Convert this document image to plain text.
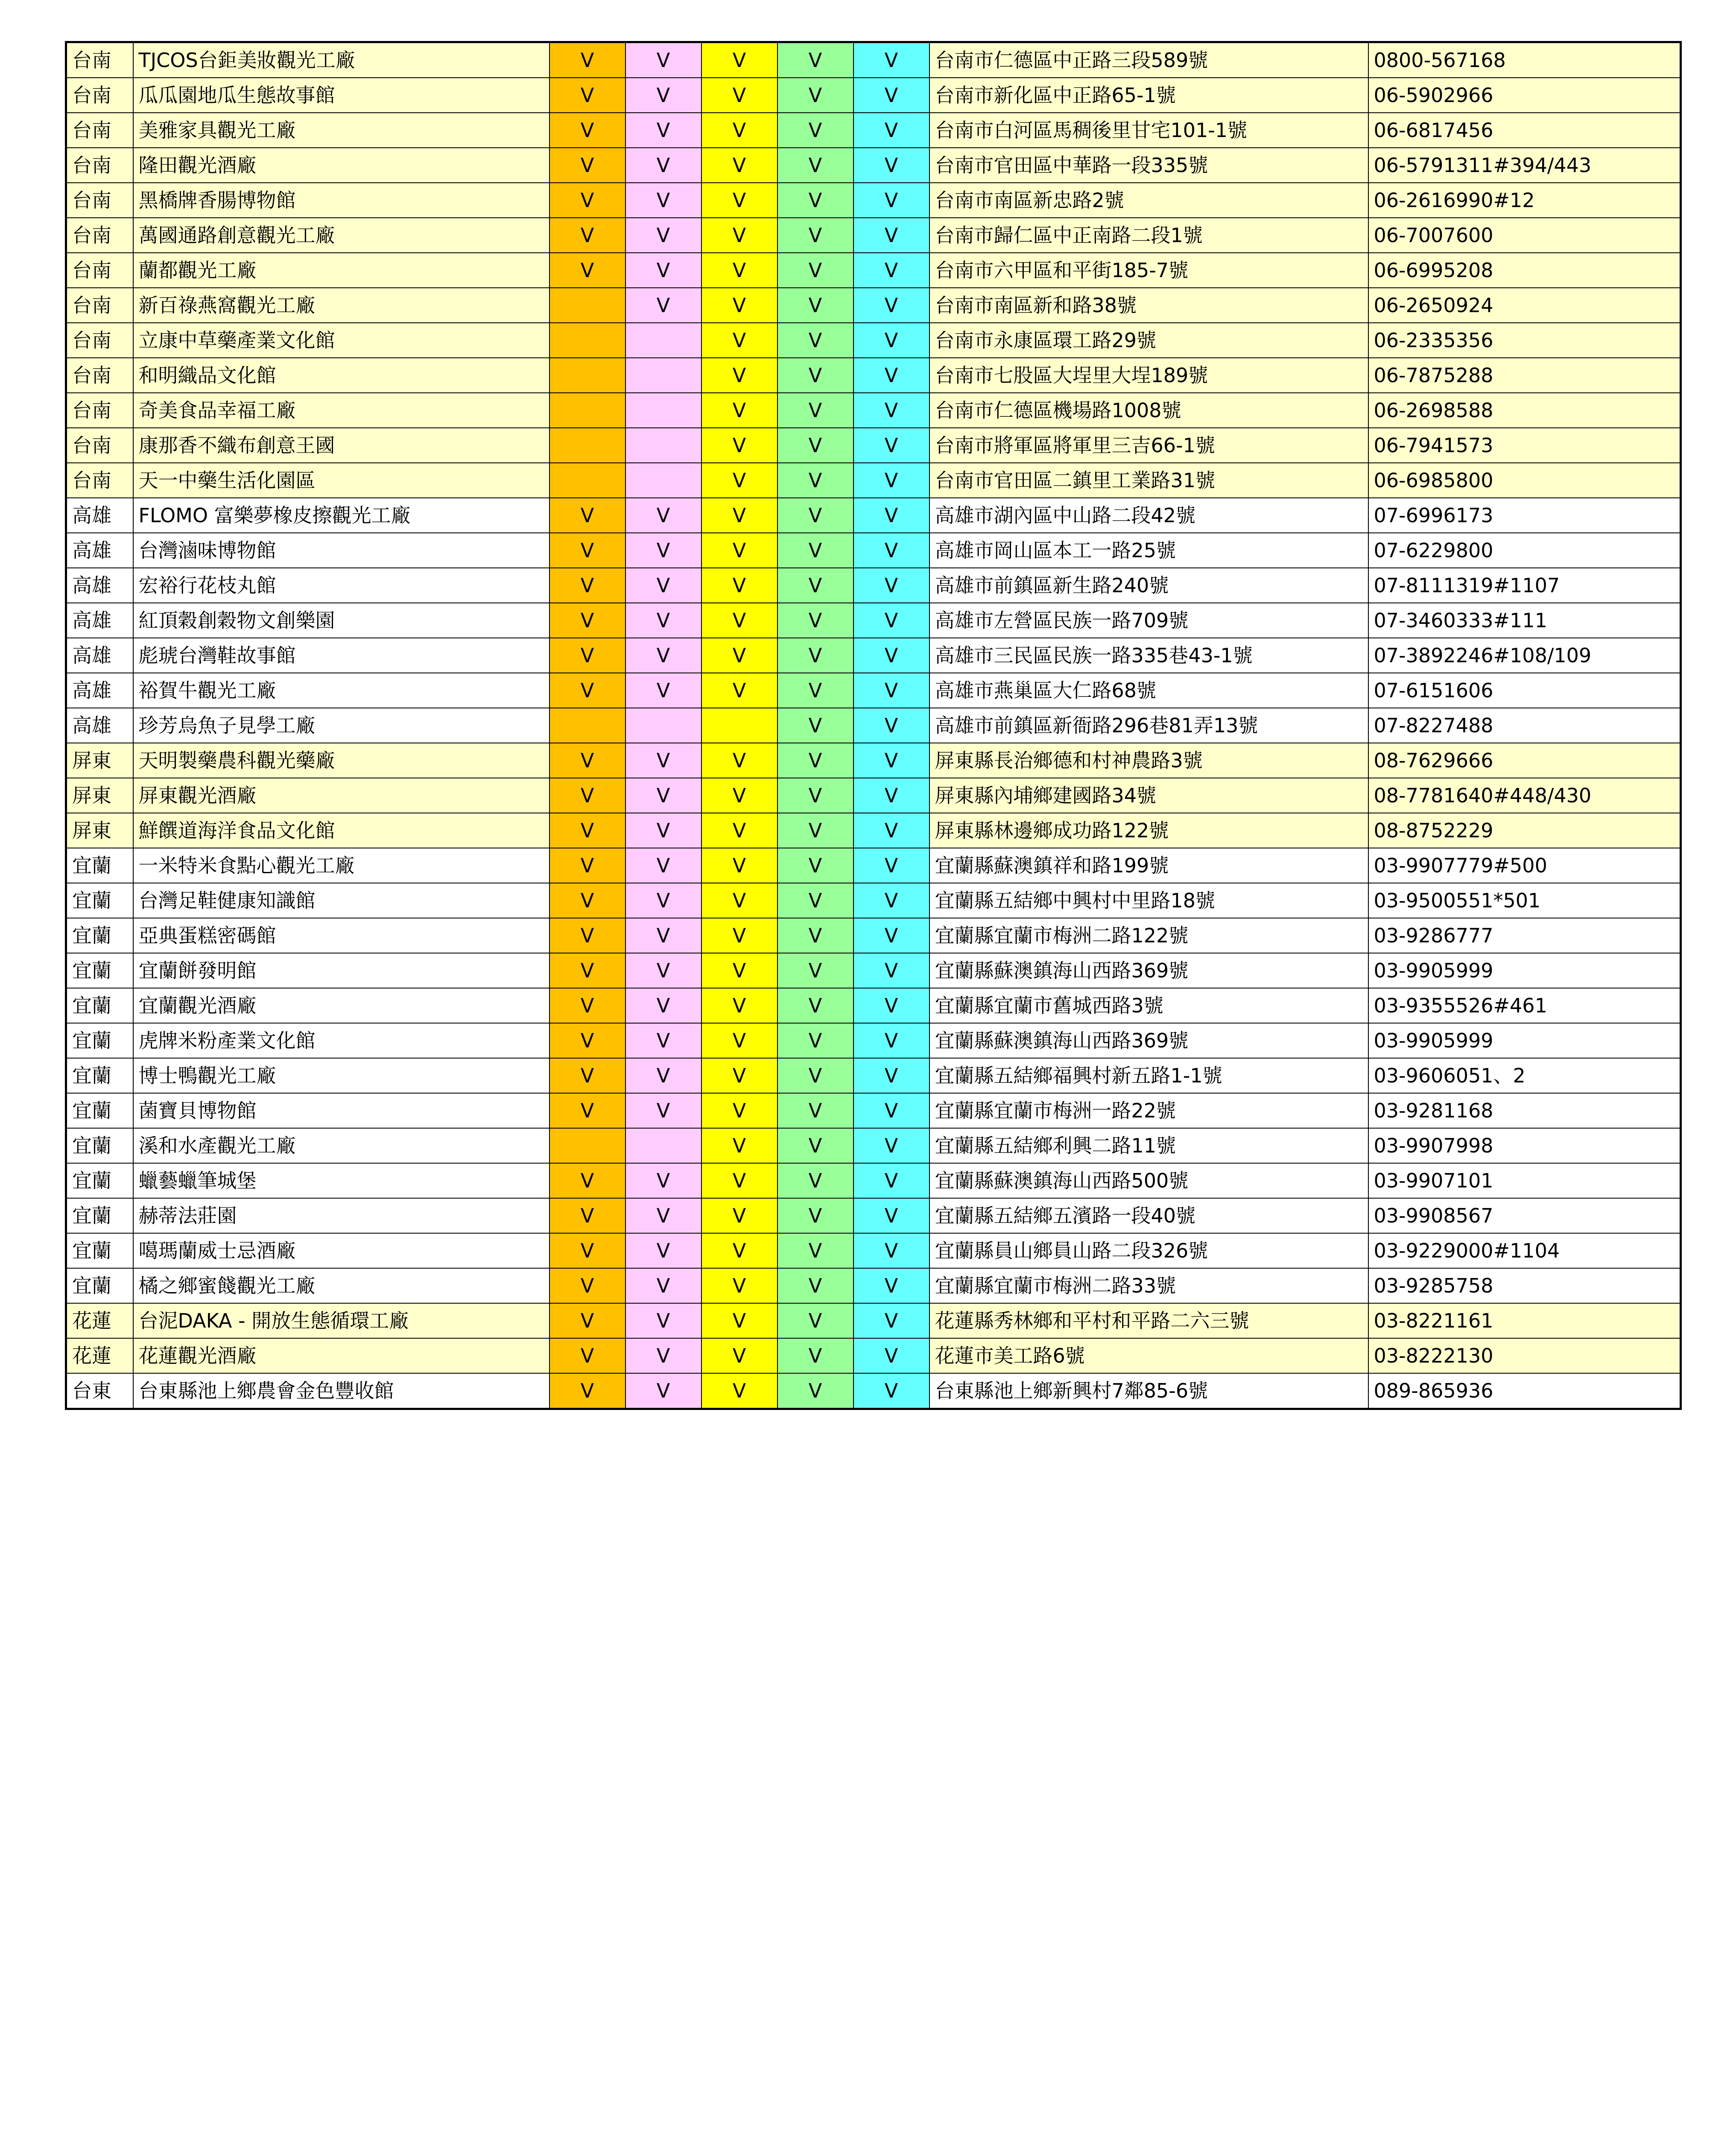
台南	TJCOS台鉅美妝觀光工廠	V	V	V	V	V	台南市仁德區中正路三段589號	0800-567168
台南	瓜瓜園地瓜生態故事館	V	V	V	V	V	台南市新化區中正路65-1號	06-5902966
台南	美雅家具觀光工廠	V	V	V	V	V	台南市白河區馬稠後里甘宅101-1號	06-6817456
台南	隆田觀光酒廠	V	V	V	V	V	台南市官田區中華路一段335號	06-5791311#394/443
台南	黑橋牌香腸博物館	V	V	V	V	V	台南市南區新忠路2號	06-2616990#12
台南	萬國通路創意觀光工廠	V	V	V	V	V	台南市歸仁區中正南路二段1號	06-7007600
台南	蘭都觀光工廠	V	V	V	V	V	台南市六甲區和平街185-7號	06-6995208
台南	新百祿燕窩觀光工廠		V	V	V	V	台南市南區新和路38號	06-2650924
台南	立康中草藥產業文化館			V	V	V	台南市永康區環工路29號	06-2335356
台南	和明織品文化館			V	V	V	台南市七股區大埕里大埕189號	06-7875288
台南	奇美食品幸福工廠			V	V	V	台南市仁德區機場路1008號	06-2698588
台南	康那香不織布創意王國			V	V	V	台南市將軍區將軍里三吉66-1號	06-7941573
台南	天一中藥生活化園區			V	V	V	台南市官田區二鎮里工業路31號	06-6985800
高雄	FLOMO 富樂夢橡皮擦觀光工廠	V	V	V	V	V	高雄市湖內區中山路二段42號	07-6996173
高雄	台灣滷味博物館	V	V	V	V	V	高雄市岡山區本工一路25號	07-6229800
高雄	宏裕行花枝丸館	V	V	V	V	V	高雄市前鎮區新生路240號	07-8111319#1107
高雄	紅頂穀創穀物文創樂園	V	V	V	V	V	高雄市左營區民族一路709號	07-3460333#111
高雄	彪琥台灣鞋故事館	V	V	V	V	V	高雄市三民區民族一路335巷43-1號	07-3892246#108/109
高雄	裕賀牛觀光工廠	V	V	V	V	V	高雄市燕巢區大仁路68號	07-6151606
高雄	珍芳烏魚子見學工廠				V	V	高雄市前鎮區新衙路296巷81弄13號	07-8227488
屏東	天明製藥農科觀光藥廠	V	V	V	V	V	屏東縣長治鄉德和村神農路3號	08-7629666
屏東	屏東觀光酒廠	V	V	V	V	V	屏東縣內埔鄉建國路34號	08-7781640#448/430
屏東	鮮饌道海洋食品文化館	V	V	V	V	V	屏東縣林邊鄉成功路122號	08-8752229
宜蘭	一米特米食點心觀光工廠	V	V	V	V	V	宜蘭縣蘇澳鎮祥和路199號	03-9907779#500
宜蘭	台灣足鞋健康知識館	V	V	V	V	V	宜蘭縣五結鄉中興村中里路18號	03-9500551*501
宜蘭	亞典蛋糕密碼館	V	V	V	V	V	宜蘭縣宜蘭市梅洲二路122號	03-9286777
宜蘭	宜蘭餅發明館	V	V	V	V	V	宜蘭縣蘇澳鎮海山西路369號	03-9905999
宜蘭	宜蘭觀光酒廠	V	V	V	V	V	宜蘭縣宜蘭市舊城西路3號	03-9355526#461
宜蘭	虎牌米粉產業文化館	V	V	V	V	V	宜蘭縣蘇澳鎮海山西路369號	03-9905999
宜蘭	博士鴨觀光工廠	V	V	V	V	V	宜蘭縣五結鄉福興村新五路1-1號	03-9606051、2
宜蘭	菌寶貝博物館	V	V	V	V	V	宜蘭縣宜蘭市梅洲一路22號	03-9281168
宜蘭	溪和水產觀光工廠			V	V	V	宜蘭縣五結鄉利興二路11號	03-9907998
宜蘭	蠟藝蠟筆城堡	V	V	V	V	V	宜蘭縣蘇澳鎮海山西路500號	03-9907101
宜蘭	赫蒂法莊園	V	V	V	V	V	宜蘭縣五結鄉五濱路一段40號	03-9908567
宜蘭	噶瑪蘭威士忌酒廠	V	V	V	V	V	宜蘭縣員山鄉員山路二段326號	03-9229000#1104
宜蘭	橘之鄉蜜餞觀光工廠	V	V	V	V	V	宜蘭縣宜蘭市梅洲二路33號	03-9285758
花蓮	台泥DAKA - 開放生態循環工廠	V	V	V	V	V	花蓮縣秀林鄉和平村和平路二六三號	03-8221161
花蓮	花蓮觀光酒廠	V	V	V	V	V	花蓮市美工路6號	03-8222130
台東	台東縣池上鄉農會金色豐收館	V	V	V	V	V	台東縣池上鄉新興村7鄰85-6號	089-865936
